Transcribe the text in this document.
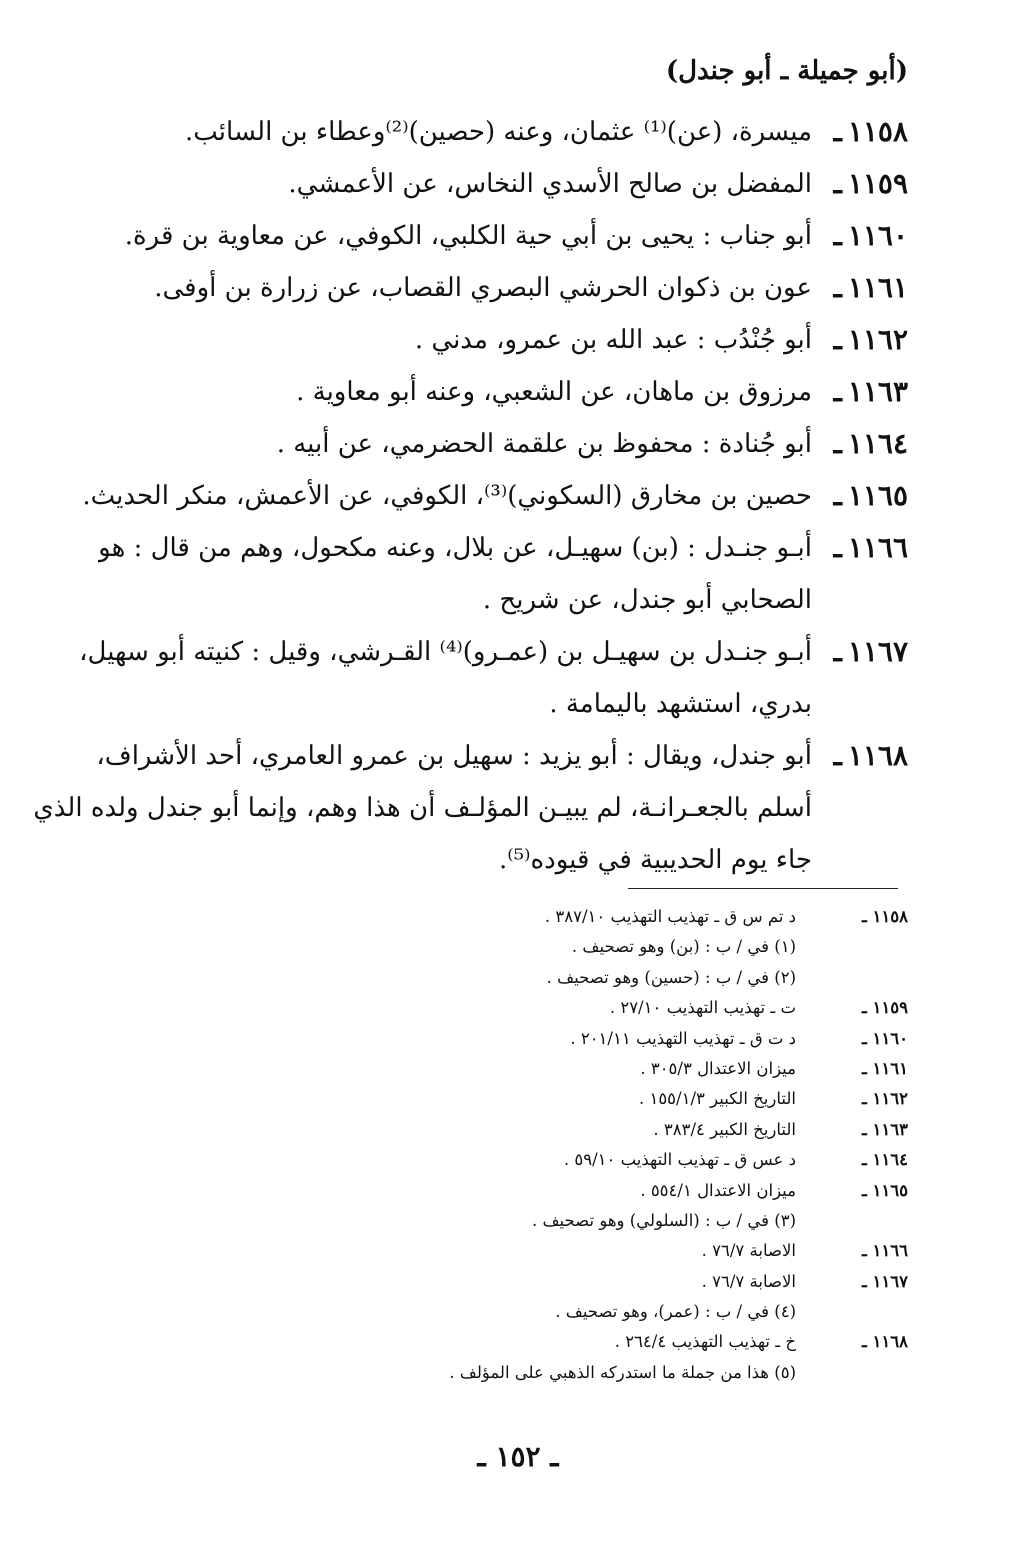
(أبو جميلة ـ أبو جندل)
١١٥٨ـ
ميسرة، (عن)⁽¹⁾ عثمان، وعنه (حصين)⁽²⁾وعطاء بن السائب.
١١٥٩ـ
المفضل بن صالح الأسدي النخاس، عن الأعمشي.
١١٦٠ـ
أبو جناب : يحيى بن أبي حية الكلبي، الكوفي، عن معاوية بن قرة.
١١٦١ـ
عون بن ذكوان الحرشي البصري القصاب، عن زرارة بن أوفى.
١١٦٢ـ
أبو جُنْدُب : عبد الله بن عمرو، مدني .
١١٦٣ـ
مرزوق بن ماهان، عن الشعبي، وعنه أبو معاوية .
١١٦٤ـ
أبو جُنادة : محفوظ بن علقمة الحضرمي، عن أبيه .
١١٦٥ـ
حصين بن مخارق (السكوني)⁽³⁾، الكوفي، عن الأعمش، منكر الحديث.
١١٦٦ـ
أبـو جنـدل : (بن) سهيـل، عن بلال، وعنه مكحول، وهم من قال : هو
الصحابي أبو جندل، عن شريح .
١١٦٧ـ
أبـو جنـدل بن سهيـل بن (عمـرو)⁽⁴⁾ القـرشي، وقيل : كنيته أبو سهيل،
بدري، استشهد باليمامة .
١١٦٨ـ
أبو جندل، ويقال : أبو يزيد : سهيل بن عمرو العامري، أحد الأشراف،
أسلم بالجعـرانـة، لم يبيـن المؤلـف أن هذا وهم، وإنما أبو جندل ولده الذي
جاء يوم الحديبية في قيوده⁽⁵⁾.
١١٥٨ ـ
د تم س ق ـ تهذيب التهذيب ٣٨٧/١٠ .
(١) في / ب : (بن) وهو تصحيف .
(٢) في / ب : (حسين) وهو تصحيف .
١١٥٩ ـ
ت ـ تهذيب التهذيب ٢٧/١٠ .
١١٦٠ ـ
د ت ق ـ تهذيب التهذيب ٢٠١/١١ .
١١٦١ ـ
ميزان الاعتدال ٣٠٥/٣ .
١١٦٢ ـ
التاريخ الكبير ١٥٥/١/٣ .
١١٦٣ ـ
التاريخ الكبير ٣٨٣/٤ .
١١٦٤ ـ
د عس ق ـ تهذيب التهذيب ٥٩/١٠ .
١١٦٥ ـ
ميزان الاعتدال ٥٥٤/١ .
(٣) في / ب : (السلولي) وهو تصحيف .
١١٦٦ ـ
الاصابة ٧٦/٧ .
١١٦٧ ـ
الاصابة ٧٦/٧ .
(٤) في / ب : (عمر)، وهو تصحيف .
١١٦٨ ـ
خ ـ تهذيب التهذيب ٢٦٤/٤ .
(٥) هذا من جملة ما استدركه الذهبي على المؤلف .
ـ ١٥٢ ـ
